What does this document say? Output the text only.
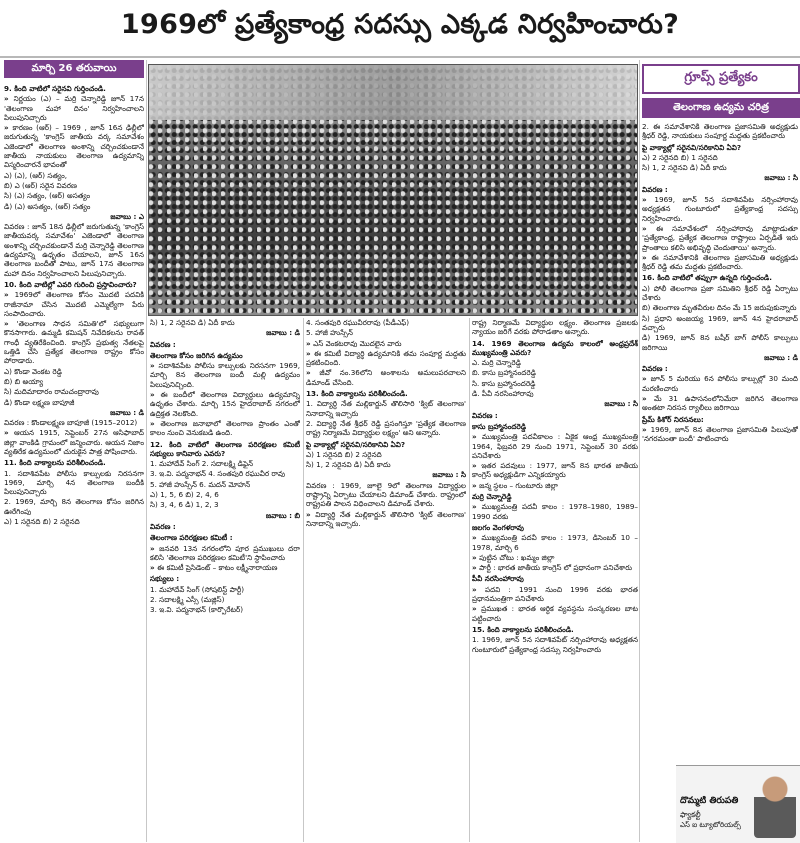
1969లో ప్రత్యేకాంధ్ర సదస్సు ఎక్కడ నిర్వహించారు?
మార్చి 26 తరువాయి
గ్రూప్స్ ప్రత్యేకం
తెలంగాణ ఉద్యమ చరిత్ర

9. కింది వాటిలో సరైనవి గుర్తించండి.

» నిర్ణయం (ఎ) – మర్రి చెన్నారెడ్డి జూన్ 17న 'తెలంగాణ మహా దినం' నిర్వహించాలని పిలుపునిచ్చారు

» కారణం (ఆర్) – 1969 , జూన్ 16న ఢిల్లీలో జరుగుతున్న 'కాంగ్రెస్ జాతీయ వర్క సమావేశం ఎజెండాలో తెలంగాణ అంశాన్ని చర్చించకుండానే జాతీయ నాయకులు తెలంగాణ ఉద్యమాన్ని విస్మరించారనే భావంతో

ఎ) (ఎ), (ఆర్) సత్యం,

బి) ఎ (ఆర్) సరైన వివరణ

సి) (ఎ) సత్యం, (ఆర్) అసత్యం

డి) (ఎ) అసత్యం, (ఆర్) సత్యం

జవాబు : ఎ

వివరణ : జూన్ 18న ఢిల్లీలో జరుగుతున్న 'కాంగ్రెస్ జాతీయవర్క సమావేశం' ఎజెండాలో తెలంగాణ అంశాన్ని చర్చించకుండానే మర్రి చెన్నారెడ్డి తెలంగాణ ఉద్యమాన్ని ఉధృతం చేయాలని, జూన్ 16న తెలంగాణ బందీతో పాటు, జూన్ 17న తెలంగాణ మహా దినం నిర్వహించాలని పిలుపునిచ్చారు.

10. కింది వాటిల్లో ఎవరి గురించి ప్రస్తావించారు?

» 1969లో తెలంగాణ కోసం మొదటి పదవికి రాజీనామా చేసిన మొదటి ఎమ్మెల్యేగా పేరు సంపాదించారు.

» 'తెలంగాణ సాధన సమితి'లో సభ్యులుగా కొనసాగారు. ఉమ్మడి కమిషన్ నివేదికలను రావత్ గాంధీ వ్యతిరేకించింది. కాంగ్రెస్ ప్రభుత్వ నేతలపై ఒత్తిడి చేసి ప్రత్యేక తెలంగాణ రాష్ట్రం కోసం పోరాడారు.

ఎ) కొండా వెంకట రెడ్డి

బి) బి అయ్యా

సి) మదిమాదారం రామచంద్రారావు

డి) కొండా లక్ష్మణ బాపూజీ

జవాబు : డి

వివరణ : కొండాలక్ష్మణ బాపూజీ (1915–2012)

» ఆయన 1915, సెప్టెంబర్ 27న ఆసిఫాబాద్ జిల్లా వాంకిడి గ్రామంలో జన్మించారు. ఆయన నిజాం వ్యతిరేక ఉద్యమంలో చురుకైన పాత్ర పోషించారు.

11. కింది వాక్యాలను పరిశీలించండి.

1. సదాశివపేట పోలీసు కాల్పులకు నిరసనగా 1969, మార్చి 4న తెలంగాణ బందీకి పిలుపునిచ్చారు

2. 1969, మార్చి 8న తెలంగాణ కోసం జరిగిన ఊరేగింపు

ఎ) 1 సరైనది బి) 2 సరైనది

సి) 1, 2 సరైనవి డి) ఏదీ కాదు

జవాబు : డి

వివరణ :

తెలంగాణ కోసం జరిగిన ఉద్యమం

» సదాశివపేట పోలీసు కాల్పులకు నిరసనగా 1969, మార్చి 8న తెలంగాణ బందీ మల్లి ఉద్యమం పిలుపునిచ్చింది.

» ఈ బందీలో తెలంగాణ విద్యార్థులు ఉద్యమాన్ని ఉధృతం చేశారు. మార్చి 15న హైదరాబాద్ నగరంలో ఉద్రిక్తత నెలకొంది.

» తెలంగాణ జనాభాలో తెలంగాణ ప్రాంతం ఎంతో కాలం నుంచి వెనుకబడి ఉంది.

12. కింది వాటిలో తెలంగాణ పరిరక్షణల కమిటీ సభ్యులు కానివారు ఎవరు?

1. మహాదేవ్ సింగ్ 2. సదాలక్ష్మి డిఫైన్

3. ఇ.వి. పద్మనాభన్ 4. సంతపురి రఘువీర రావు

5. హాజీ హుస్సేన్ 6. మదన్ మోహన్

ఎ) 1, 5, 6 బి) 2, 4, 6

సి) 3, 4, 6 డి) 1, 2, 3

జవాబు : బి

వివరణ :

తెలంగాణ పరిరక్షణల కమిటీ :

» జనవరి 13న నగరంలోని పూర ప్రముఖులు దరా కలిసి 'తెలంగాణ పరిరక్షణల కమిటీ'ని స్థాపించారు

» ఈ కమిటీ ప్రెసిడెంట్ – కాటం లక్ష్మీనారాయణ

సభ్యులు :

1. మహాదేవ్ సింగ్ (సోషలిస్ట్ పార్టీ)

2. సదాలక్ష్మి ఎస్సీ (మజ్లిస్)

3. ఇ.వి. పద్మనాభన్ (కార్పొరేటర్)

4. సంతపురి రఘువీరరావు (పీడీఎఫ్)

5. హాజీ హుస్సేన్

» ఎస్ వెంకటరావు మొదలైన వారు

» ఈ కమిటీ విద్యార్థి ఉద్యమానికి తమ సంపూర్ణ మద్దతు ప్రకటించింది.

» జీవో నం.36లోని అంశాలను అమలుపరచాలని డిమాండ్ చేసింది.

13. కింది వాక్యాలను పరిశీలించండి.

1. విద్యార్థి నేత మల్లికార్జున్ తొలిసారి 'క్విట్ తెలంగాణ' నినాదాన్ని ఇచ్చారు

2. విద్యార్థి నేత శ్రీధర్ రెడ్డి ప్రసంగిస్తూ 'ప్రత్యేక తెలంగాణ రాష్ట్ర నిర్మాణమే విద్యార్థుల లక్ష్యం' అని అన్నారు.

పై వాక్యాల్లో సరైనవి/సరికానివి ఏవి?

ఎ) 1 సరైనది బి) 2 సరైనది

సి) 1, 2 సరైనవి డి) ఏదీ కాదు

జవాబు : సి

వివరణ : 1969, జూలై 9లో తెలంగాణ విద్యార్థుల రాష్ట్రాన్ని ఏర్పాటు చేయాలని డిమాండ్ చేశారు. రాష్ట్రంలో రాష్ట్రపతి పాలన విధించాలని డిమాండ్ చేశారు.

» విద్యార్థి నేత మల్లికార్జున్ తొలిసారి 'క్విట్ తెలంగాణ' నినాదాన్ని ఇచ్చారు.

రాష్ట్ర నిర్మాణమే విద్యార్థుల లక్ష్యం. తెలంగాణ ప్రజలకు న్యాయం జరిగే వరకు పోరాడతాం అన్నారు.

14. 1969 తెలంగాణ ఉద్యమ కాలంలో అంధ్రప్రదేశ్ ముఖ్యమంత్రి ఎవరు?

ఎ. మర్రి చెన్నారెడ్డి

బి. కాసు బ్రహ్మానందరెడ్డి

సి. కాసు బ్రహ్మానందరెడ్డి

డి. పీవీ నరసింహారావు

జవాబు : సి

వివరణ :

కాసు బ్రహ్మానందరెడ్డి

» ముఖ్యమంత్రి పదవీకాలం : ఏకైక ఆంధ్ర ముఖ్యమంత్రి 1964, ఫిబ్రవరి 29 నుంచి 1971, సెప్టెంబర్ 30 వరకు పనిచేశారు

» ఇతర పదవులు : 1977, జూన్ 8న భారత జాతీయ కాంగ్రెస్ అధ్యక్షుడిగా ఎన్నికయ్యారు

» జన్మ స్థలం – గుంటూరు జిల్లా

మర్రి చెన్నారెడ్డి

» ముఖ్యమంత్రి పదవీ కాలం : 1978–1980, 1989–1990 వరకు

జలగం వెంగళరావు

» ముఖ్యమంత్రి పదవీ కాలం : 1973, డిసెంబర్ 10 – 1978, మార్చి 6

» పుట్టిన చోటు : ఖమ్మం జిల్లా

» పార్టీ : భారత జాతీయ కాంగ్రెస్ లో ప్రధానంగా పనిచేశారు

పీవీ నరసింహారావు

» పదవి : 1991 నుంచి 1996 వరకు భారత ప్రధానమంత్రిగా పనిచేశారు

» ప్రముఖత : భారత ఆర్థిక వ్యవస్థను సంస్కరణల బాట పట్టించారు

15. కింది వాక్యాలను పరిశీలించండి.

1. 1969, జూన్ 5న సదాశివపేట్ నర్సింహారావు అధ్యక్షతన గుంటూరులో ప్రత్యేకాంధ్ర సదస్సు నిర్వహించారు

2. ఈ సమావేశానికి తెలంగాణ ప్రజాసమితి అధ్యక్షుడు శ్రీధర్ రెడ్డి, నాయకులు సంపూర్ణ మద్దతు ప్రకటించారు

పై వాక్యాల్లో సరైనవి/సరికానివి ఏవి?

ఎ) 2 సరైనది బి) 1 సరైనది

సి) 1, 2 సరైనవి డి) ఏదీ కాదు

జవాబు : సి

వివరణ :

» 1969, జూన్ 5న సదాశివపేట నర్సింహారావు అధ్యక్షతన గుంటూరులో ప్రత్యేకాంధ్ర సదస్సు నిర్వహించారు.

» ఈ సమావేశంలో నర్సింహారావు మాట్లాడుతూ 'ప్రత్యేకాంధ్ర, ప్రత్యేక తెలంగాణ రాష్ట్రాలు ఏర్పడితే ఇరు ప్రాంతాలు కలిసి అభివృద్ధి చెందుతాయి' అన్నారు.

» ఈ సమావేశానికి తెలంగాణ ప్రజాసమితి అధ్యక్షుడు శ్రీధర్ రెడ్డి తమ మద్దతు ప్రకటించారు.

16. కింది వాటిలో తప్పుగా ఉన్నది గుర్తించండి.

ఎ) పోలీ తెలంగాణ ప్రజా సమితిని శ్రీధర్ రెడ్డి ఏర్పాటు చేశారు

బి) తెలంగాణ మృతవీరుల దినం మే 15 జరుపుకున్నారు

సి) ప్రధాని అంజయ్య 1969, జూన్ 4న హైదరాబాద్ వచ్చారు

డి) 1969, జూన్ 8న బషీర్ బాగ్ పోలీస్ కాల్పులు జరిగాయి

జవాబు : డి

వివరణ :

» జూన్ 5 మరియు 6న పోలీసు కాల్పుల్లో 30 మంది మరణించారు

» మే 31 ఉపాసనంలోనిమేరా జరిగిన తెలంగాణ అంతటా నిరసన ర్యాలీలు జరిగాయి

ప్రేమ్ కిశోర్ నిరసనలు:

» 1969, జూన్ 8న తెలంగాణ ప్రజాసమితి పిలుపుతో 'నగరమంతా బందీ' పాటించారు

దొమ్మటి తిరుపతి
ఫ్యాకల్టీ
ఎస్ ఐ ట్యూటోరియల్స్
